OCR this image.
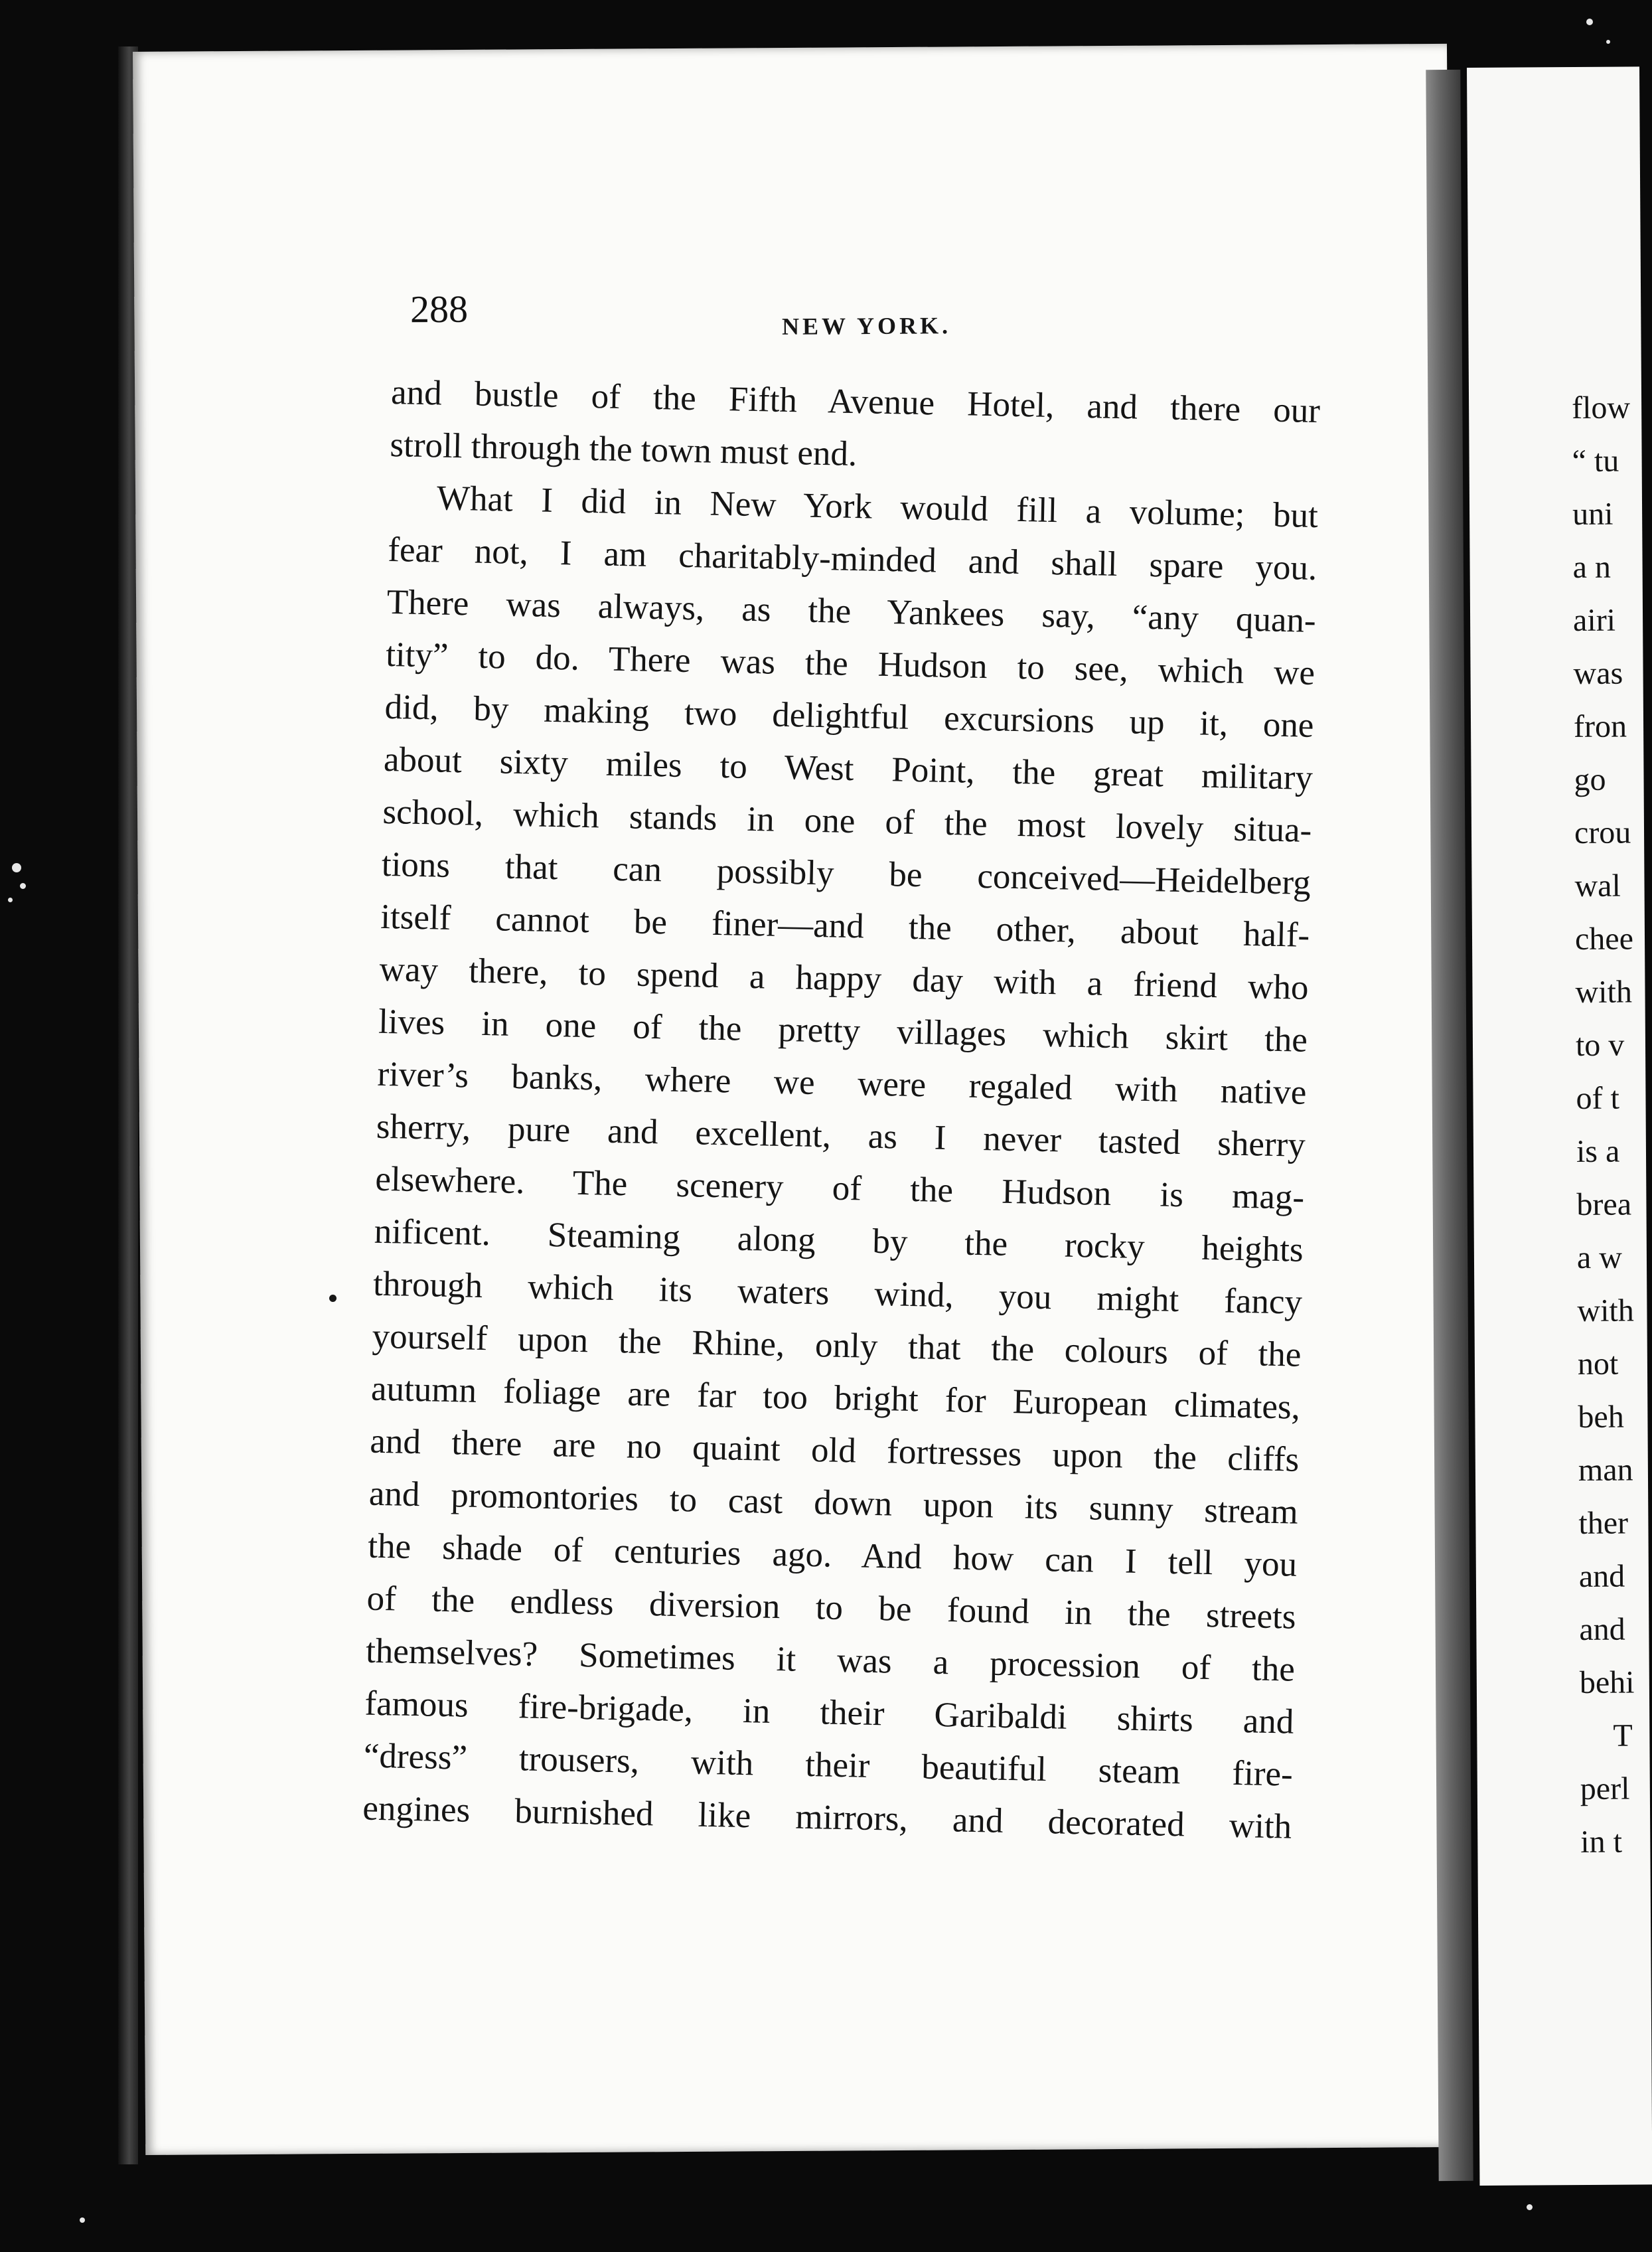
flow
“ tu
uni
a n
airi
was
fron
go
crou
wal
chee
with
to v
of t
is a
brea
a w
with
not
beh
man
ther
and
and
behi
T
perl
in t
288	NEW YORK.
and bustle of the Fifth Avenue Hotel, and there our
stroll through the town must end.
What I did in New York would fill a volume; but
fear not, I am charitably-minded and shall spare you.
There was always, as the Yankees say, “any quan-
tity” to do. There was the Hudson to see, which we
did, by making two delightful excursions up it, one
about sixty miles to West Point, the great military
school, which stands in one of the most lovely situa-
tions that can possibly be conceived—Heidelberg
itself cannot be finer—and the other, about half-
way there, to spend a happy day with a friend who
lives in one of the pretty villages which skirt the
river’s banks, where we were regaled with native
sherry, pure and excellent, as I never tasted sherry
elsewhere. The scenery of the Hudson is mag-
nificent. Steaming along by the rocky heights
through which its waters wind, you might fancy
yourself upon the Rhine, only that the colours of the
autumn foliage are far too bright for European climates,
and there are no quaint old fortresses upon the cliffs
and promontories to cast down upon its sunny stream
the shade of centuries ago. And how can I tell you
of the endless diversion to be found in the streets
themselves? Sometimes it was a procession of the
famous fire-brigade, in their Garibaldi shirts and
“dress” trousers, with their beautiful steam fire-
engines burnished like mirrors, and decorated with
